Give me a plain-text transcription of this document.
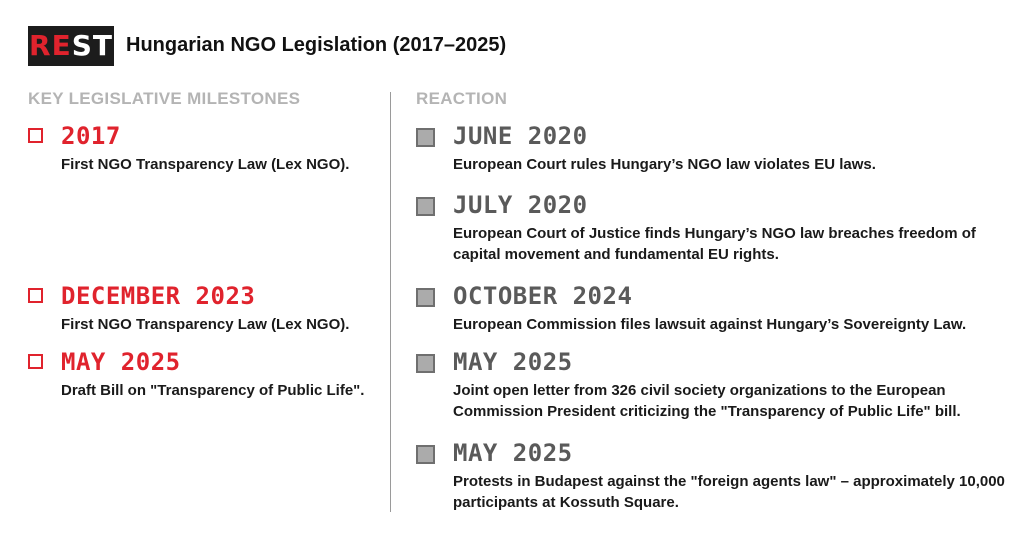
REST Hungarian NGO Legislation (2017–2025)
KEY LEGISLATIVE MILESTONES	REACTION
2017
First NGO Transparency Law (Lex NGO).
DECEMBER 2023
First NGO Transparency Law (Lex NGO).
MAY 2025
Draft Bill on "Transparency of Public Life".
JUNE 2020
European Court rules Hungary’s NGO law violates EU laws.
JULY 2020
European Court of Justice finds Hungary’s NGO law breaches freedom of capital movement and fundamental EU rights.
OCTOBER 2024
European Commission files lawsuit against Hungary’s Sovereignty Law.
MAY 2025
Joint open letter from 326 civil society organizations to the European Commission President criticizing the "Transparency of Public Life" bill.
MAY 2025
Protests in Budapest against the "foreign agents law" – approximately 10,000 participants at Kossuth Square.
